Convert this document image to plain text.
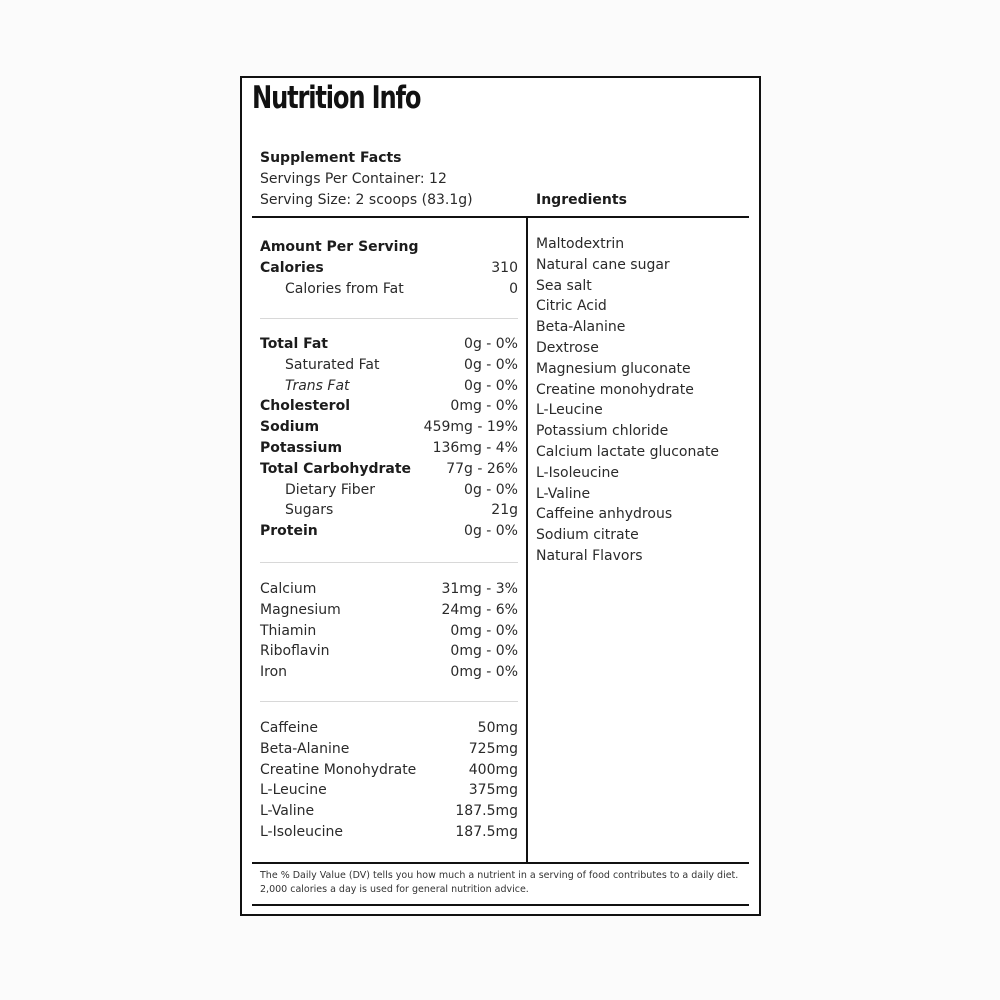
Nutrition Info
Supplement Facts
Servings Per Container: 12
Serving Size: 2 scoops (83.1g)	Ingredients
Amount Per Serving
Calories	310
Calories from Fat	0
Total Fat	0g - 0%
Saturated Fat	0g - 0%
Trans Fat	0g - 0%
Cholesterol	0mg - 0%
Sodium	459mg - 19%
Potassium	136mg - 4%
Total Carbohydrate	77g - 26%
Dietary Fiber	0g - 0%
Sugars	21g
Protein	0g - 0%
Calcium	31mg - 3%
Magnesium	24mg - 6%
Thiamin	0mg - 0%
Riboflavin	0mg - 0%
Iron	0mg - 0%
Caffeine	50mg
Beta-Alanine	725mg
Creatine Monohydrate	400mg
L-Leucine	375mg
L-Valine	187.5mg
L-Isoleucine	187.5mg
Maltodextrin
Natural cane sugar
Sea salt
Citric Acid
Beta-Alanine
Dextrose
Magnesium gluconate
Creatine monohydrate
L-Leucine
Potassium chloride
Calcium lactate gluconate
L-Isoleucine
L-Valine
Caffeine anhydrous
Sodium citrate
Natural Flavors
The % Daily Value (DV) tells you how much a nutrient in a serving of food contributes to a daily diet.
2,000 calories a day is used for general nutrition advice.
